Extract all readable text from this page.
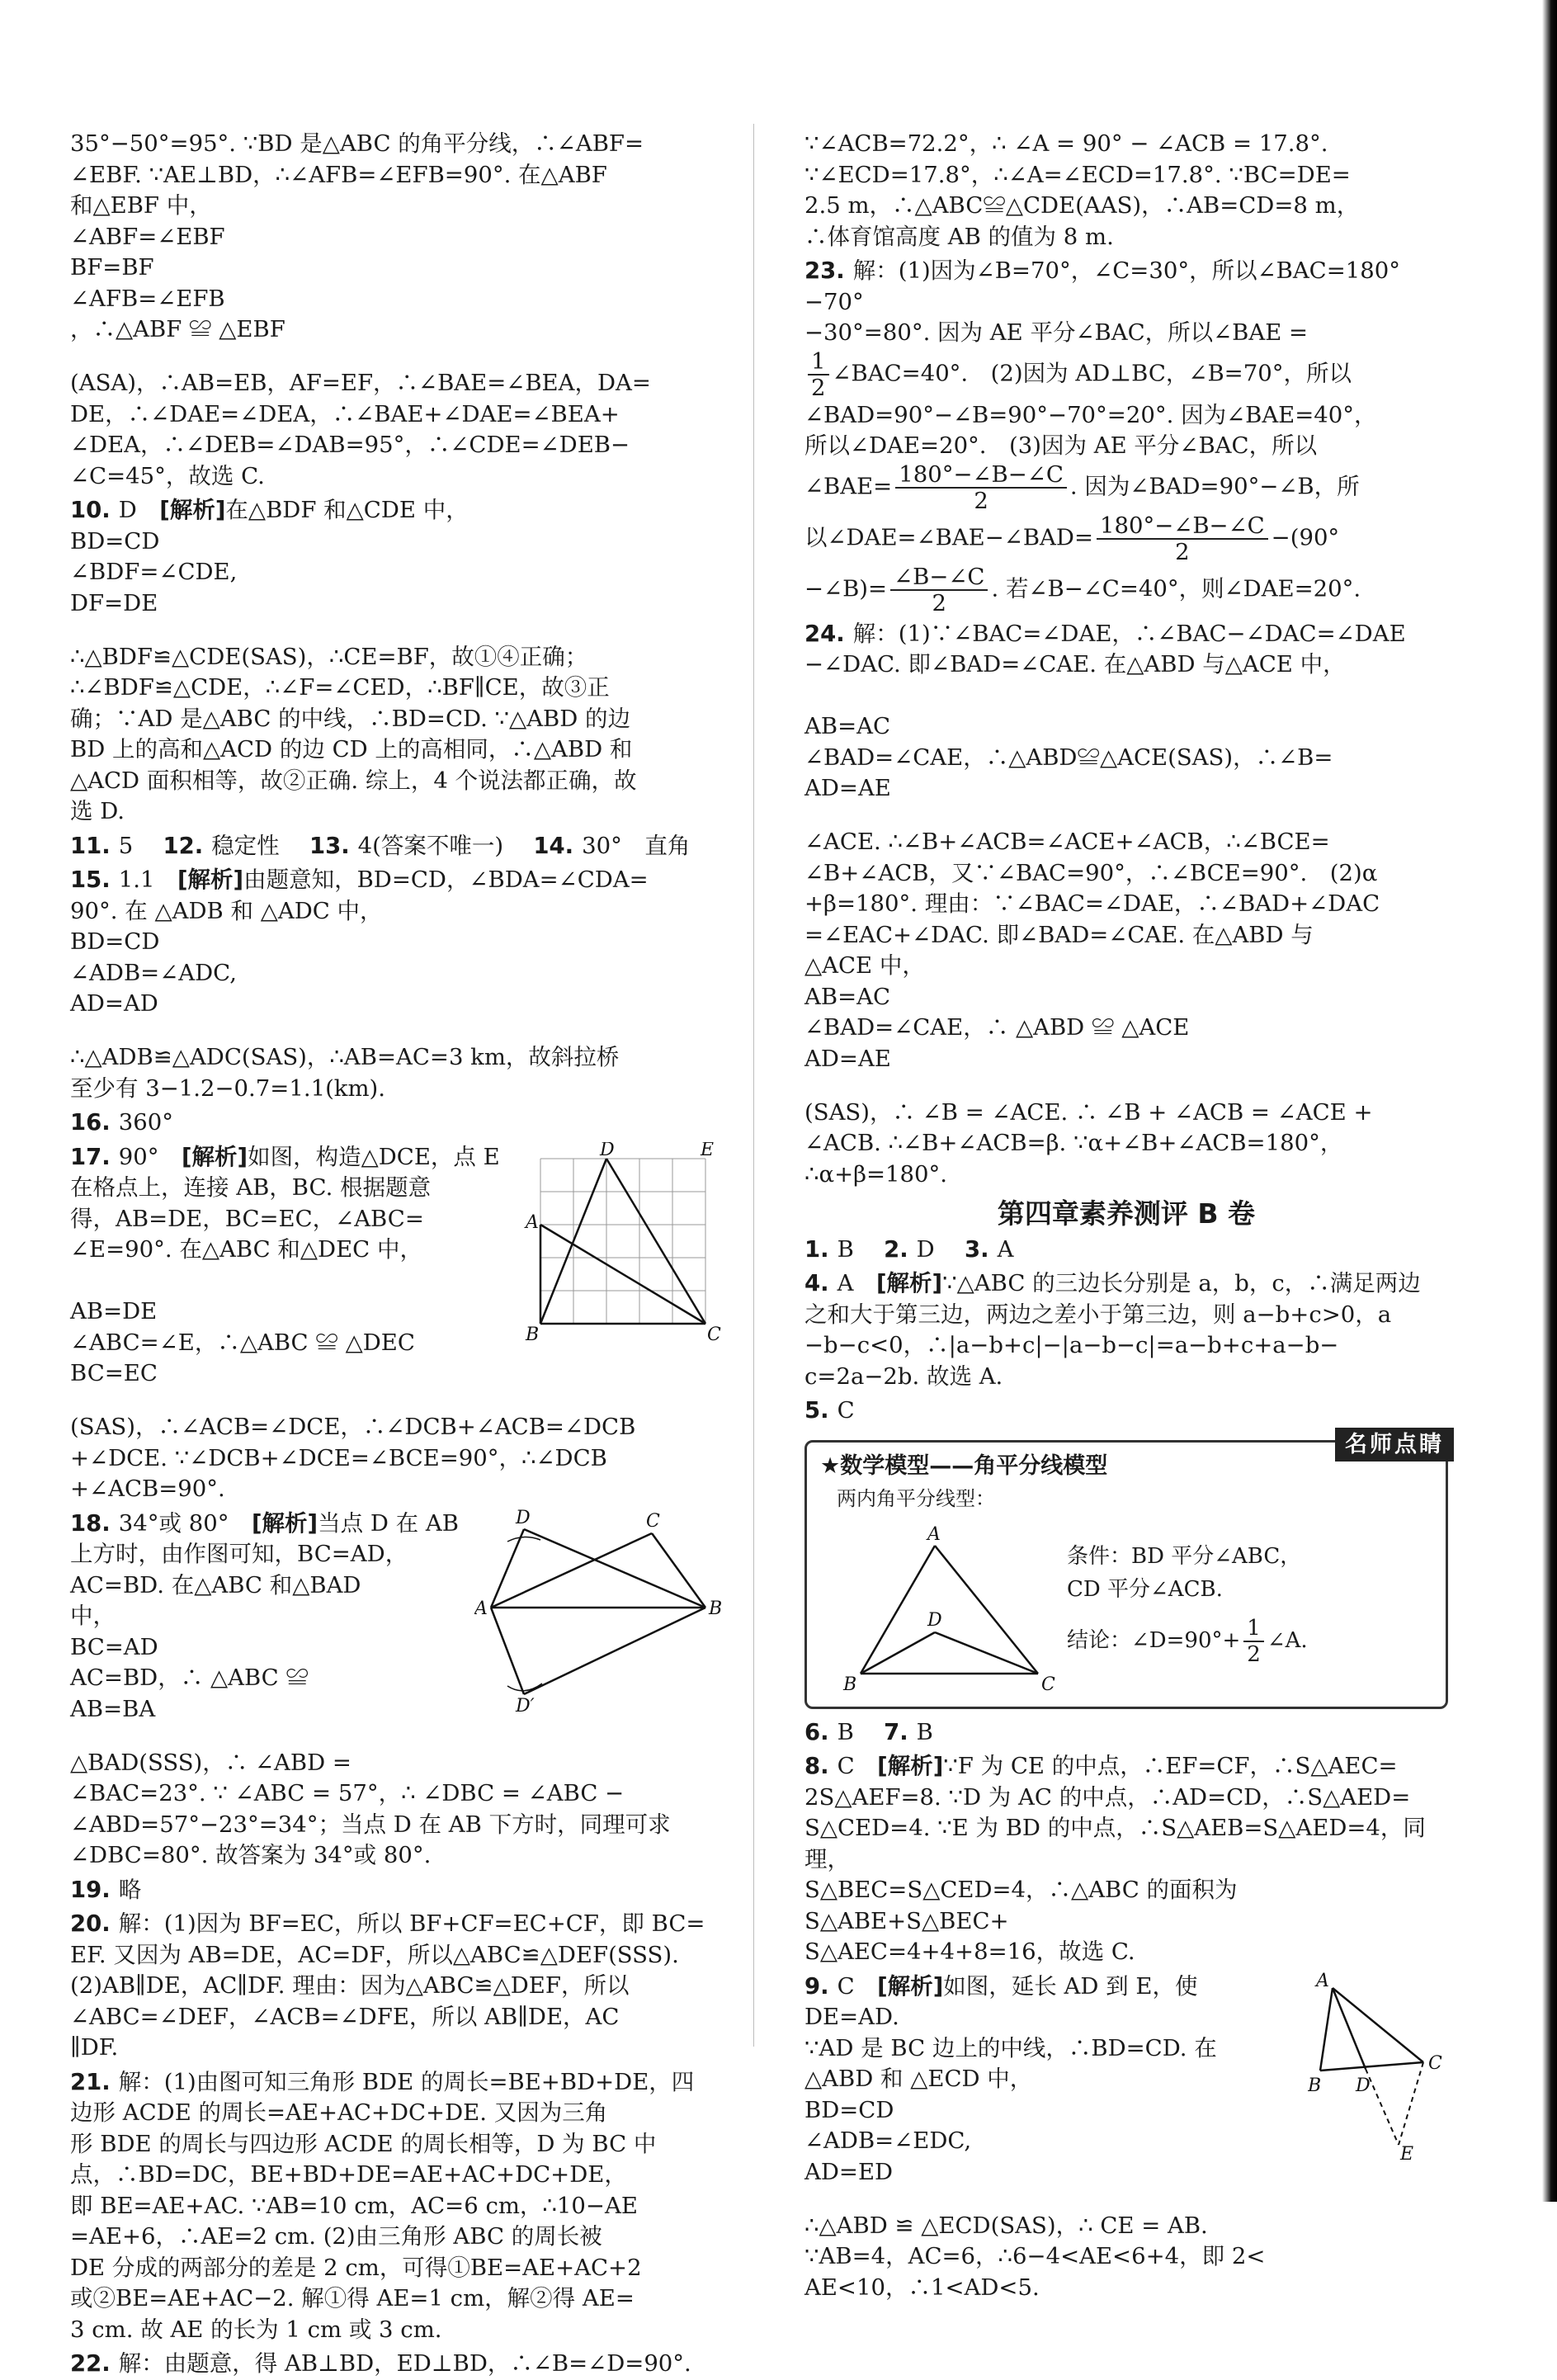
35°−50°=95°. ∵BD 是△ABC 的角平分线，∴∠ABF=

∠EBF. ∵AE⊥BD，∴∠AFB=∠EFB=90°. 在△ABF

和△EBF 中，

∠ABF=∠EBF
BF=BF
∠AFB=∠EFB
，∴△ABF ≌ △EBF

(ASA)，∴AB=EB，AF=EF，∴∠BAE=∠BEA，DA=

DE，∴∠DAE=∠DEA，∴∠BAE+∠DAE=∠BEA+

∠DEA，∴∠DEB=∠DAB=95°，∴∠CDE=∠DEB−

∠C=45°，故选 C.

10. D　 [解析]在△BDF 和△CDE 中，

BD=CD
∠BDF=∠CDE,
DF=DE

∴△BDF≌△CDE(SAS)，∴CE=BF，故①④正确；

∴∠BDF≌△CDE，∴∠F=∠CED，∴BF∥CE，故③正

确；∵AD 是△ABC 的中线，∴BD=CD. ∵△ABD 的边

BD 上的高和△ACD 的边 CD 上的高相同，∴△ABD 和

△ACD 面积相等，故②正确. 综上，4 个说法都正确，故

选 D.

11. 5　 12. 稳定性　 13. 4(答案不唯一)　 14. 30°　直角

15. 1.1　 [解析]由题意知，BD=CD，∠BDA=∠CDA=

90°. 在 △ADB 和 △ADC 中，

BD=CD
∠ADB=∠ADC,
AD=AD

∴△ADB≌△ADC(SAS)，∴AB=AC=3 km，故斜拉桥

至少有 3−1.2−0.7=1.1(km).

16. 360°

D	E
A
B	C

17. 90°　 [解析]如图，构造△DCE，点 E

在格点上，连接 AB，BC. 根据题意

得，AB=DE，BC=EC，∠ABC=

∠E=90°. 在△ABC 和△DEC 中，

AB=DE
∠ABC=∠E，∴△ABC ≌ △DEC
BC=EC

(SAS)，∴∠ACB=∠DCE，∴∠DCB+∠ACB=∠DCB

+∠DCE. ∵∠DCB+∠DCE=∠BCE=90°，∴∠DCB

+∠ACB=90°.

D	C
A	B
D′

18. 34°或 80°　 [解析]当点 D 在 AB

上方时，由作图可知，BC=AD，

AC=BD. 在△ABC 和△BAD

中，

BC=AD
AC=BD，∴ △ABC ≌
AB=BA

△BAD(SSS)，∴ ∠ABD =

∠BAC=23°. ∵ ∠ABC = 57°，∴ ∠DBC = ∠ABC −

∠ABD=57°−23°=34°；当点 D 在 AB 下方时，同理可求

∠DBC=80°. 故答案为 34°或 80°.

19. 略

20. 解：(1)因为 BF=EC，所以 BF+CF=EC+CF，即 BC=

EF. 又因为 AB=DE，AC=DF，所以△ABC≌△DEF(SSS).

(2)AB∥DE，AC∥DF. 理由：因为△ABC≌△DEF，所以

∠ABC=∠DEF，∠ACB=∠DFE，所以 AB∥DE，AC

∥DF.

21. 解：(1)由图可知三角形 BDE 的周长=BE+BD+DE，四

边形 ACDE 的周长=AE+AC+DC+DE. 又因为三角

形 BDE 的周长与四边形 ACDE 的周长相等，D 为 BC 中

点，∴BD=DC，BE+BD+DE=AE+AC+DC+DE，

即 BE=AE+AC. ∵AB=10 cm，AC=6 cm，∴10−AE

=AE+6，∴AE=2 cm. (2)由三角形 ABC 的周长被

DE 分成的两部分的差是 2 cm，可得①BE=AE+AC+2

或②BE=AE+AC−2. 解①得 AE=1 cm，解②得 AE=

3 cm. 故 AE 的长为 1 cm 或 3 cm.

22. 解：由题意，得 AB⊥BD，ED⊥BD，∴∠B=∠D=90°.

∵∠ACB=72.2°，∴ ∠A = 90° − ∠ACB = 17.8°.

∵∠ECD=17.8°，∴∠A=∠ECD=17.8°. ∵BC=DE=

2.5 m，∴△ABC≌△CDE(AAS)，∴AB=CD=8 m，

∴体育馆高度 AB 的值为 8 m.

23. 解：(1)因为∠B=70°，∠C=30°，所以∠BAC=180°−70°

−30°=80°. 因为 AE 平分∠BAC，所以∠BAE =

$\frac{1}{2}$ ∠BAC=40°.　(2)因为 AD⊥BC，∠B=70°，所以

∠BAD=90°−∠B=90°−70°=20°. 因为∠BAE=40°，

所以∠DAE=20°.　(3)因为 AE 平分∠BAC，所以

∠BAE= $\frac{180^\circ-\angle B-\angle C}{2}$ . 因为∠BAD=90°−∠B，所

以∠DAE=∠BAE−∠BAD= $\frac{180^\circ-\angle B-\angle C}{2} -(90^\circ$

−∠B)= $\frac{\angle B-\angle C}{2}$ . 若∠B−∠C=40°，则∠DAE=20°.

24. 解：(1)∵∠BAC=∠DAE，∴∠BAC−∠DAC=∠DAE

−∠DAC. 即∠BAD=∠CAE. 在△ABD 与△ACE 中，

AB=AC
∠BAD=∠CAE，∴△ABD≌△ACE(SAS)，∴∠B=
AD=AE

∠ACE. ∴∠B+∠ACB=∠ACE+∠ACB，∴∠BCE=

∠B+∠ACB，又∵∠BAC=90°，∴∠BCE=90°.　(2)α

+β=180°. 理由：∵∠BAC=∠DAE，∴∠BAD+∠DAC

=∠EAC+∠DAC. 即∠BAD=∠CAE. 在△ABD 与

△ACE 中，

AB=AC
∠BAD=∠CAE，∴ △ABD ≌ △ACE
AD=AE

(SAS)，∴ ∠B = ∠ACE. ∴ ∠B + ∠ACB = ∠ACE +

∠ACB. ∴∠B+∠ACB=β. ∵α+∠B+∠ACB=180°，

∴α+β=180°.

第四章素养测评 B 卷

1. B　 2. D　 3. A

4. A　 [解析]∵△ABC 的三边长分别是 a，b，c，∴满足两边

之和大于第三边，两边之差小于第三边，则 a−b+c>0，a

−b−c<0，∴|a−b+c|−|a−b−c|=a−b+c+a−b−

c=2a−2b. 故选 A.

5. C

名师点睛
★数学模型——角平分线模型
两内角平分线型：
A
B	C
D
条件：BD 平分∠ABC，
CD 平分∠ACB.
结论：∠D=90°+ $\frac{1}{2}$ ∠A.

6. B　 7. B

8. C　 [解析]∵F 为 CE 的中点，∴EF=CF，∴S△AEC=

2S△AEF=8. ∵D 为 AC 的中点，∴AD=CD，∴S△AED=

S△CED=4. ∵E 为 BD 的中点，∴S△AEB=S△AED=4，同理，

S△BEC=S△CED=4，∴△ABC 的面积为 S△ABE+S△BEC+

S△AEC=4+4+8=16，故选 C.

A
B
C
D
E

9. C　 [解析]如图，延长 AD 到 E，使 DE=AD.

∵AD 是 BC 边上的中线，∴BD=CD. 在

△ABD 和 △ECD 中，

BD=CD
∠ADB=∠EDC,
AD=ED

∴△ABD ≌ △ECD(SAS)，∴ CE = AB.

∵AB=4，AC=6，∴6−4<AE<6+4，即 2<

AE<10，∴1<AD<5.
